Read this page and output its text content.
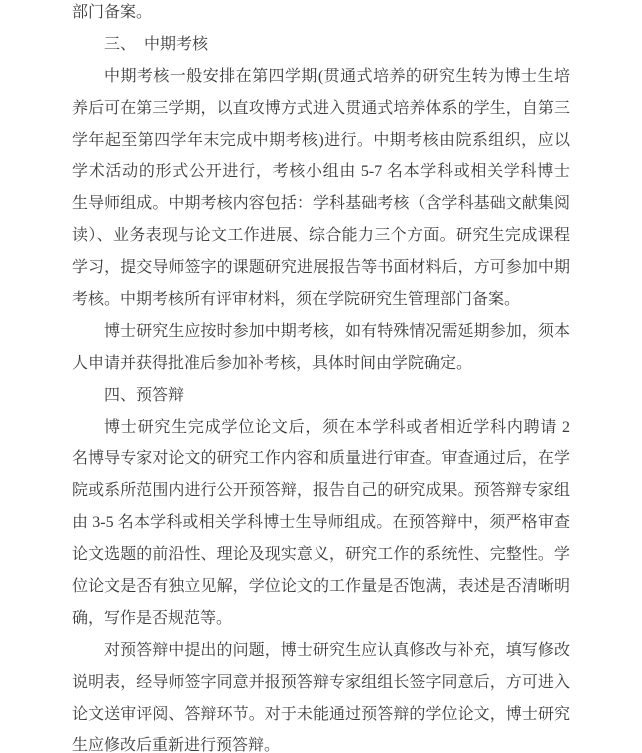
部门备案。
三、　中期考核
中期考核一般安排在第四学期(贯通式培养的研究生转为博士生培
养后可在第三学期，以直攻博方式进入贯通式培养体系的学生，自第三
学年起至第四学年末完成中期考核)进行。中期考核由院系组织，应以
学术活动的形式公开进行，考核小组由 5-7 名本学科或相关学科博士
生导师组成。中期考核内容包括：学科基础考核（含学科基础文献集阅
读）、业务表现与论文工作进展、综合能力三个方面。研究生完成课程
学习，提交导师签字的课题研究进展报告等书面材料后，方可参加中期
考核。中期考核所有评审材料，须在学院研究生管理部门备案。
博士研究生应按时参加中期考核，如有特殊情况需延期参加，须本
人申请并获得批准后参加补考核，具体时间由学院确定。
四、预答辩
博士研究生完成学位论文后，须在本学科或者相近学科内聘请 2
名博导专家对论文的研究工作内容和质量进行审查。审查通过后，在学
院或系所范围内进行公开预答辩，报告自己的研究成果。预答辩专家组
由 3-5 名本学科或相关学科博士生导师组成。在预答辩中，须严格审查
论文选题的前沿性、理论及现实意义，研究工作的系统性、完整性。学
位论文是否有独立见解，学位论文的工作量是否饱满，表述是否清晰明
确，写作是否规范等。
对预答辩中提出的问题，博士研究生应认真修改与补充，填写修改
说明表，经导师签字同意并报预答辩专家组组长签字同意后，方可进入
论文送审评阅、答辩环节。对于未能通过预答辩的学位论文，博士研究
生应修改后重新进行预答辩。
